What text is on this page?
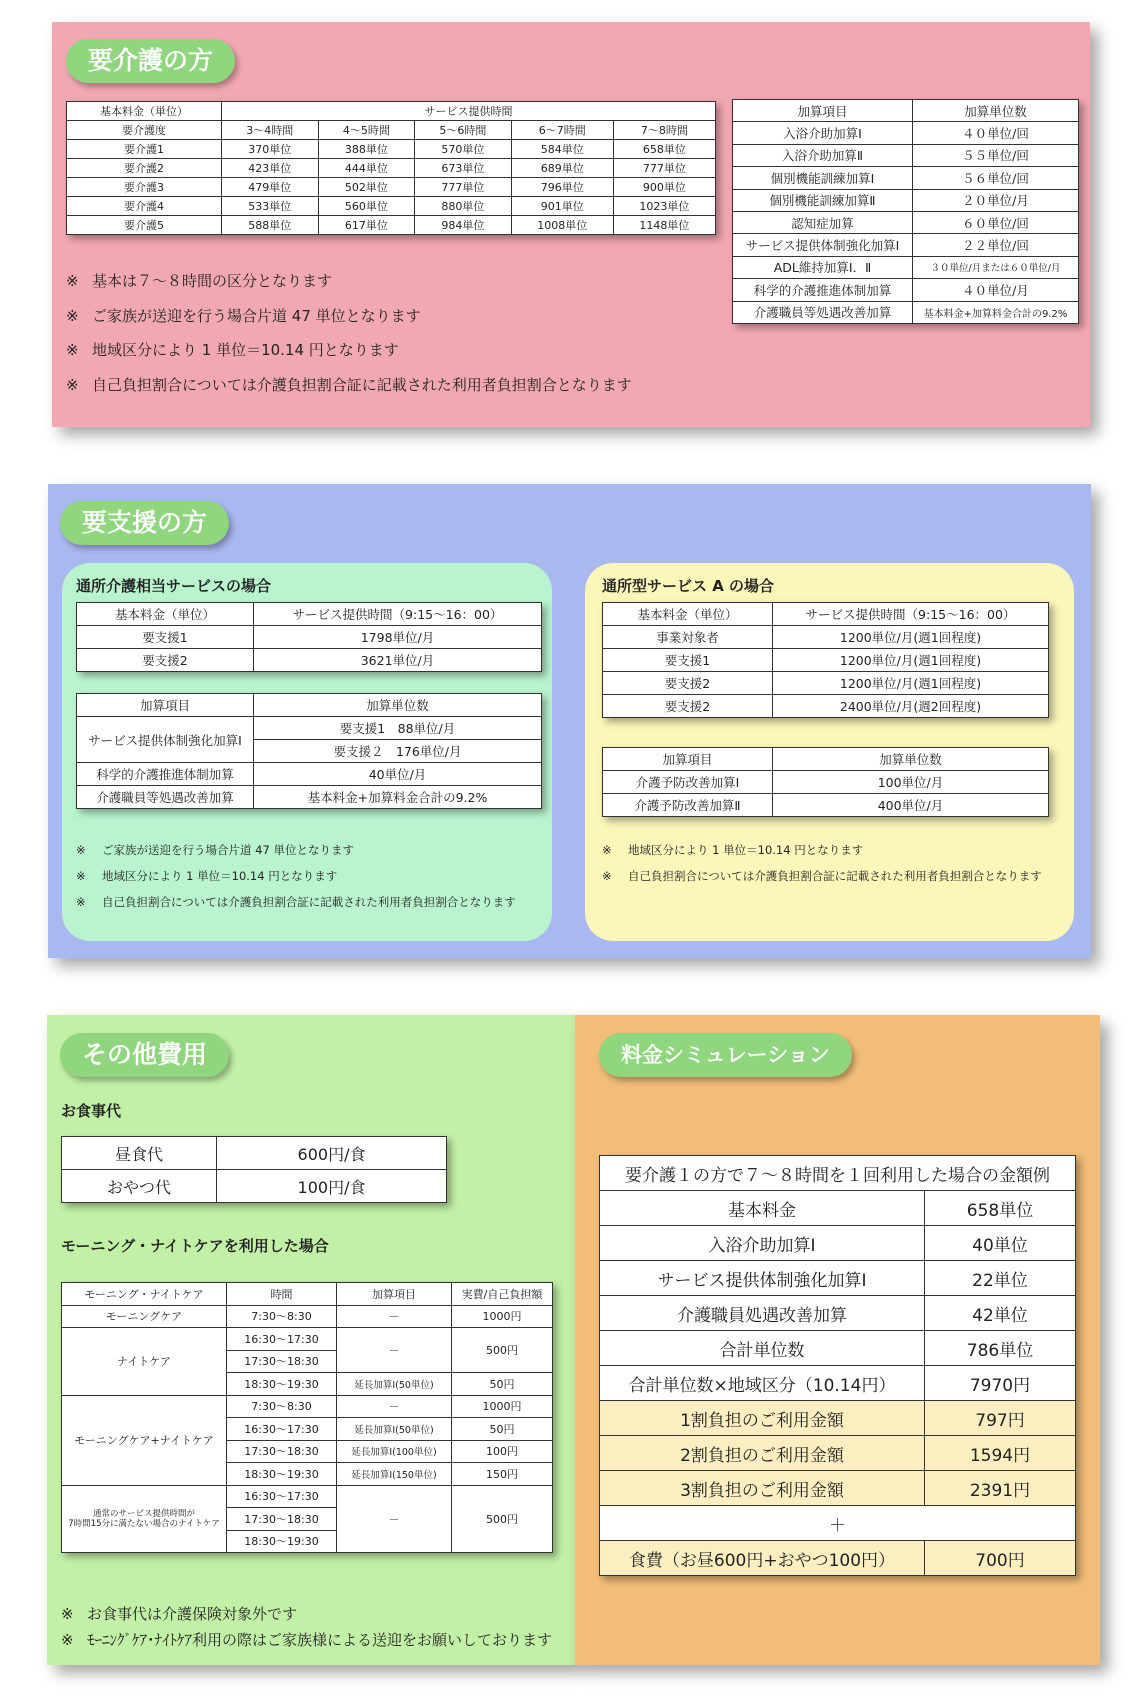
要介護の方
基本料金（単位）	サービス提供時間				
要介護度	3～4時間	4～5時間	5～6時間	6～7時間	7～8時間
要介護1	370単位	388単位	570単位	584単位	658単位
要介護2	423単位	444単位	673単位	689単位	777単位
要介護3	479単位	502単位	777単位	796単位	900単位
要介護4	533単位	560単位	880単位	901単位	1023単位
要介護5	588単位	617単位	984単位	1008単位	1148単位
加算項目	加算単位数
入浴介助加算Ⅰ	４０単位/回
入浴介助加算Ⅱ	５５単位/回
個別機能訓練加算Ⅰ	５６単位/回
個別機能訓練加算Ⅱ	２０単位/月
認知症加算	６０単位/回
サービス提供体制強化加算Ⅰ	２２単位/回
ADL維持加算Ⅰ．Ⅱ	３０単位/月または６０単位/月
科学的介護推進体制加算	４０単位/月
介護職員等処遇改善加算	基本料金+加算料金合計の9.2%
※ 基本は７～８時間の区分となります
※ ご家族が送迎を行う場合片道 47 単位となります
※ 地域区分により 1 単位＝10.14 円となります
※ 自己負担割合については介護負担割合証に記載された利用者負担割合となります
要支援の方
通所介護相当サービスの場合
基本料金（単位）	サービス提供時間（9:15～16：00）
要支援1	1798単位/月
要支援2	3621単位/月
加算項目	加算単位数
サービス提供体制強化加算Ⅰ	要支援1　88単位/月
	要支援２　176単位/月
科学的介護推進体制加算	40単位/月
介護職員等処遇改善加算	基本料金+加算料金合計の9.2%
※ ご家族が送迎を行う場合片道 47 単位となります
※ 地域区分により 1 単位＝10.14 円となります
※ 自己負担割合については介護負担割合証に記載された利用者負担割合となります
通所型サービス A の場合
基本料金（単位）	サービス提供時間（9:15～16：00）
事業対象者	1200単位/月(週1回程度)
要支援1	1200単位/月(週1回程度)
要支援2	1200単位/月(週1回程度)
要支援2	2400単位/月(週2回程度)
加算項目	加算単位数
介護予防改善加算Ⅰ	100単位/月
介護予防改善加算Ⅱ	400単位/月
※ 地域区分により 1 単位＝10.14 円となります
※ 自己負担割合については介護負担割合証に記載された利用者負担割合となります
その他費用
お食事代
昼食代	600円/食
おやつ代	100円/食
モーニング・ナイトケアを利用した場合
モーニング・ナイトケア	時間	加算項目	実費/自己負担額
モーニングケア	7:30～8:30	－	1000円
ナイトケア	16:30～17:30	－	500円
	17:30～18:30		
	18:30～19:30	延長加算Ⅰ(50単位)	50円
モーニングケア+ナイトケア	7:30～8:30	－	1000円
	16:30～17:30	延長加算Ⅰ(50単位)	50円
	17:30～18:30	延長加算Ⅰ(100単位)	100円
	18:30～19:30	延長加算Ⅰ(150単位)	150円
通常のサービス提供時間が
7時間15分に満たない場合のナイトケア	16:30～17:30	－	500円
	17:30～18:30		
	18:30～19:30		
※ お食事代は介護保険対象外です
※ ﾓｰﾆﾝｸﾞｹｱ･ﾅｲﾄｹｱ利用の際はご家族様による送迎をお願いしております
料金シミュレーション
要介護１の方で７～８時間を１回利用した場合の金額例	
基本料金	658単位
入浴介助加算Ⅰ	40単位
サービス提供体制強化加算Ⅰ	22単位
介護職員処遇改善加算	42単位
合計単位数	786単位
合計単位数×地域区分（10.14円）	7970円
1割負担のご利用金額	797円
2割負担のご利用金額	1594円
3割負担のご利用金額	2391円
＋	
食費（お昼600円+おやつ100円）	700円
